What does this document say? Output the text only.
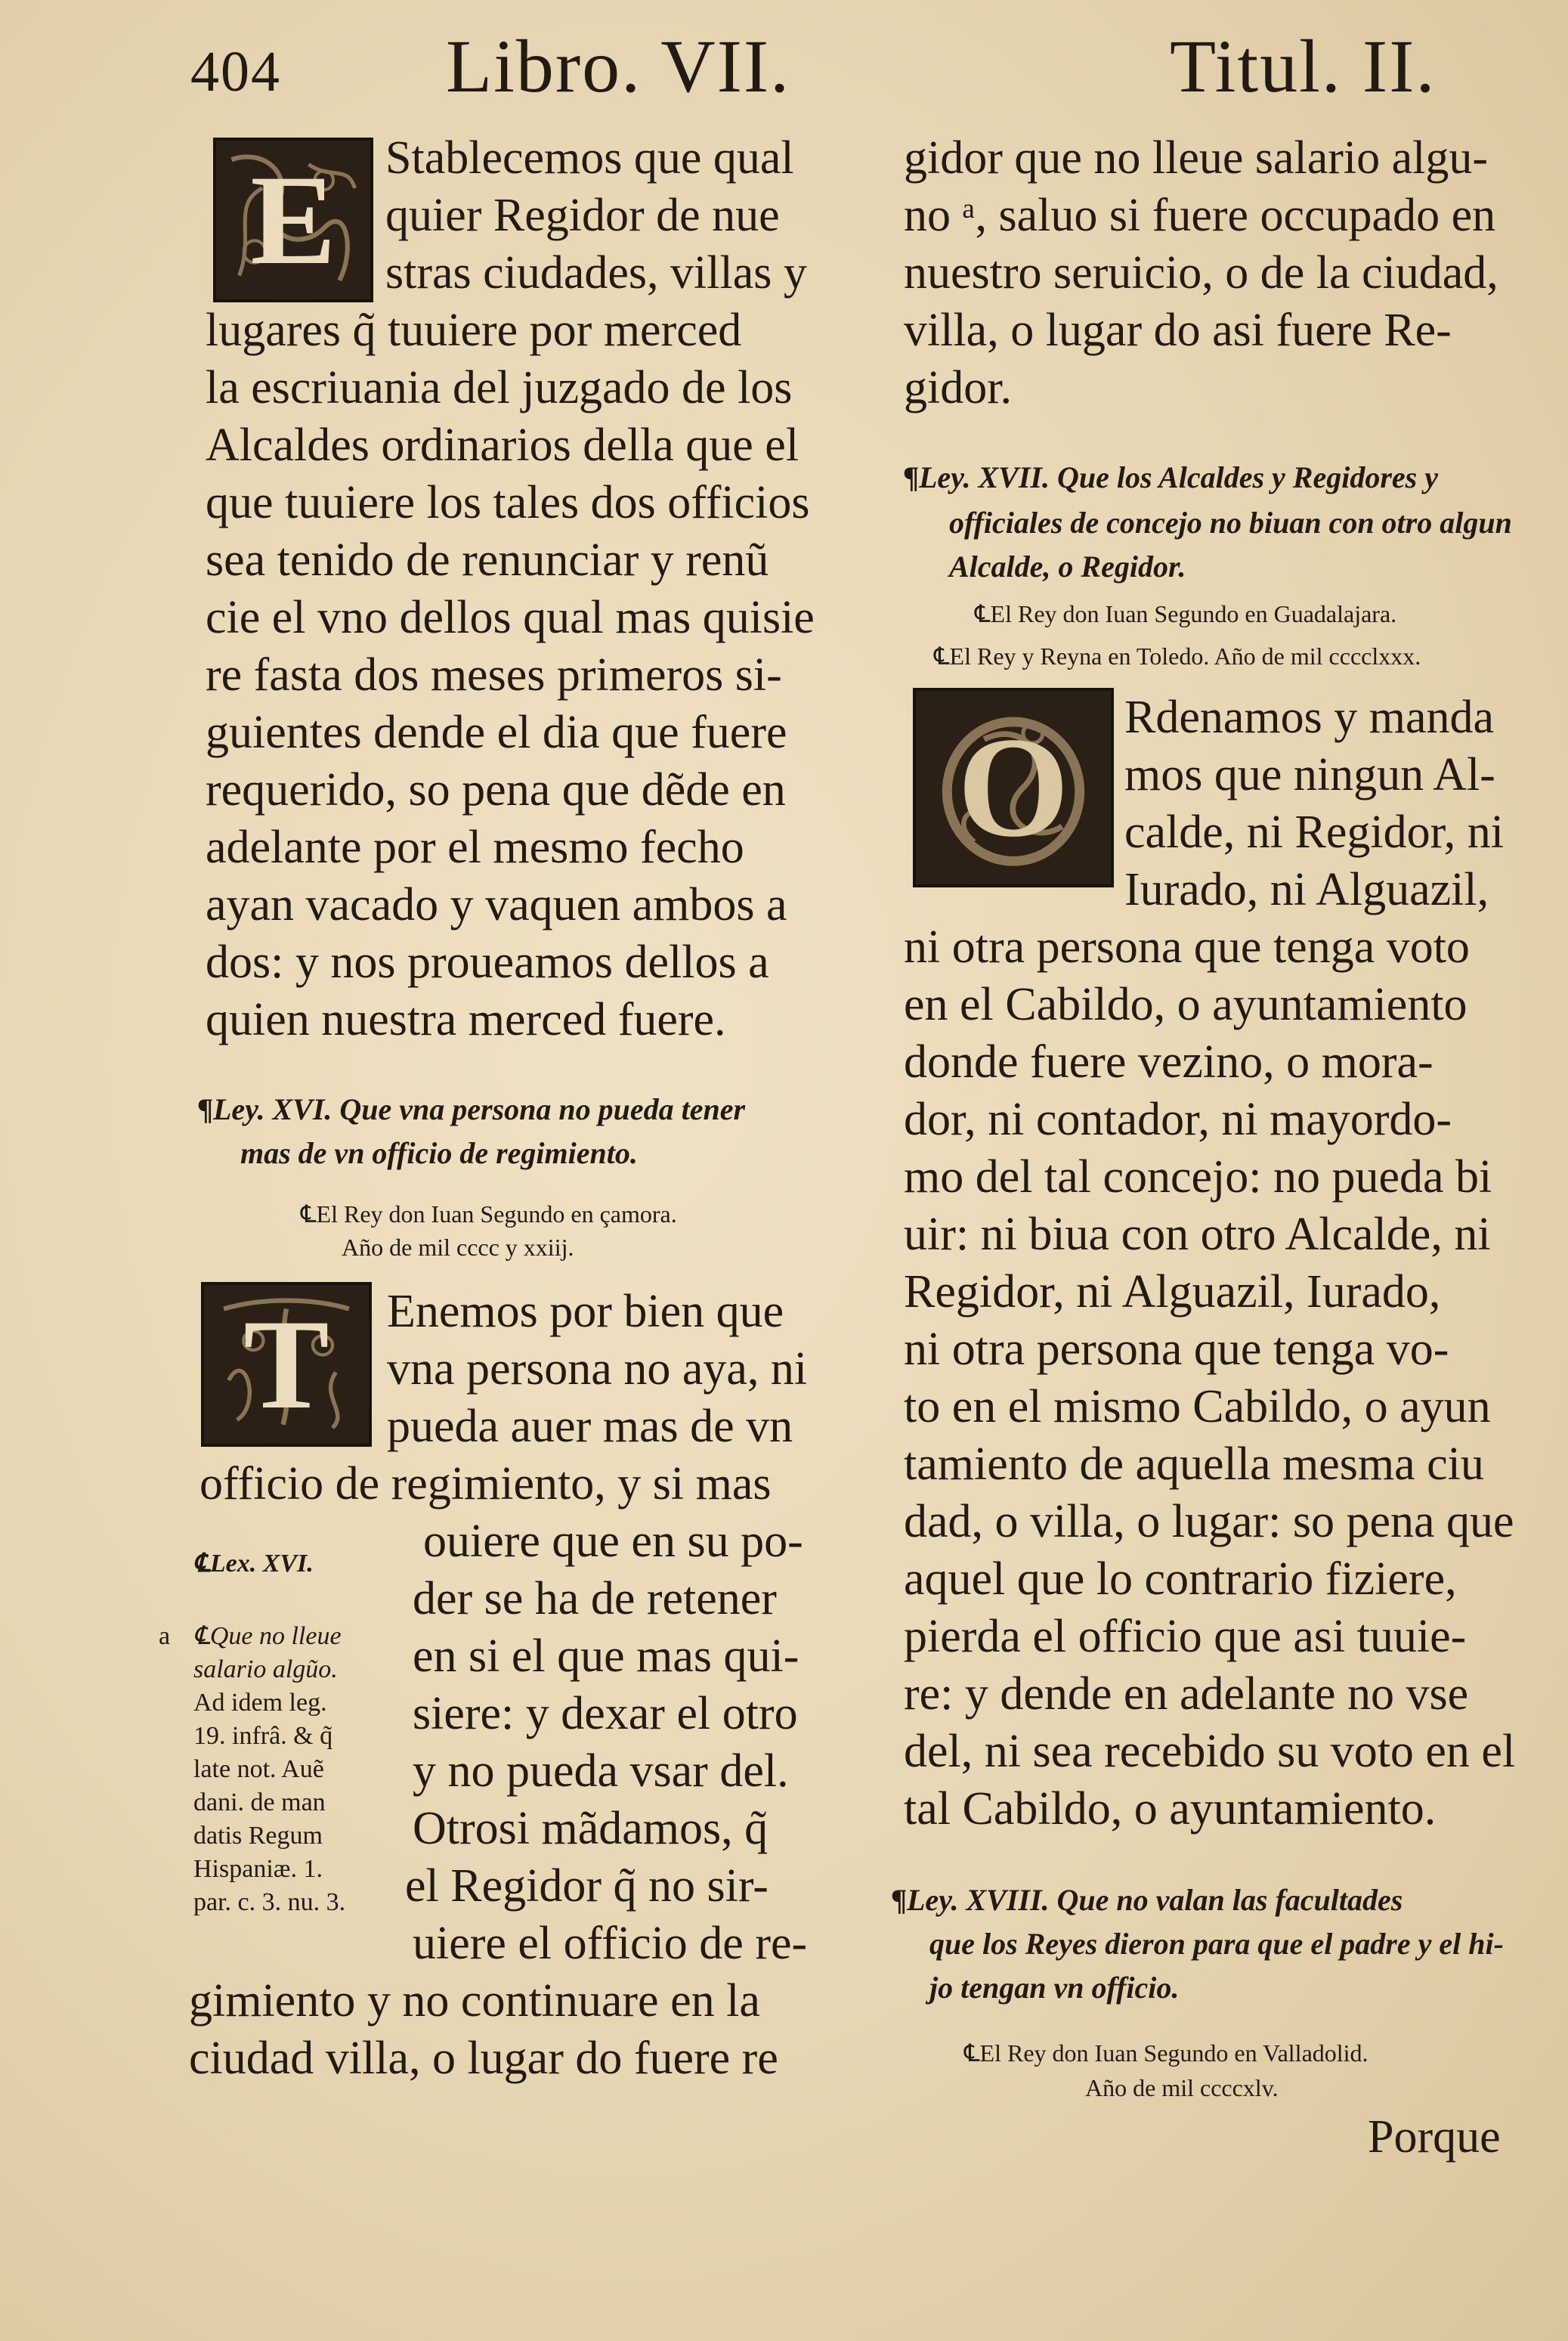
404 Libro. VII.	Titul. II.
E	Stablecemos que qual
quier Regidor de nue
stras ciudades, villas y
lugares q̃ tuuiere por merced
la escriuania del juzgado de los
Alcaldes ordinarios della que el
que tuuiere los tales dos officios
sea tenido de renunciar y renũ
cie el vno dellos qual mas quisie
re fasta dos meses primeros si-
guientes dende el dia que fuere
requerido, so pena que dẽde en
adelante por el mesmo fecho
ayan vacado y vaquen ambos a
dos: y nos proueamos dellos a
quien nuestra merced fuere.
¶Ley. XVI. Que vna persona no pueda tener
mas de vn officio de regimiento.
℄El Rey don Iuan Segundo en çamora.
Año de mil cccc y xxiij.
T	Enemos por bien que
vna persona no aya, ni
pueda auer mas de vn
officio de regimiento, y si mas
ouiere que en su po-
der se ha de retener
en si el que mas qui-
siere: y dexar el otro
y no pueda vsar del.
Otrosi mãdamos, q̃
el Regidor q̃ no sir-
uiere el officio de re-
gimiento y no continuare en la
ciudad villa, o lugar do fuere re
℄Lex. XVI.
a ℄Que no lleue
salario algũo.
Ad idem leg.
19. infrâ. & q̃
late not. Auẽ
dani. de man
datis Regum
Hispaniæ. 1.
par. c. 3. nu. 3.
gidor que no lleue salario algu-
no ᵃ, saluo si fuere occupado en
nuestro seruicio, o de la ciudad,
villa, o lugar do asi fuere Re-
gidor.
¶Ley. XVII. Que los Alcaldes y Regidores y
officiales de concejo no biuan con otro algun
Alcalde, o Regidor.
℄El Rey don Iuan Segundo en Guadalajara.
℄El Rey y Reyna en Toledo. Año de mil cccclxxx.
O	Rdenamos y manda
mos que ningun Al-
calde, ni Regidor, ni
Iurado, ni Alguazil,
ni otra persona que tenga voto
en el Cabildo, o ayuntamiento
donde fuere vezino, o mora-
dor, ni contador, ni mayordo-
mo del tal concejo: no pueda bi
uir: ni biua con otro Alcalde, ni
Regidor, ni Alguazil, Iurado,
ni otra persona que tenga vo-
to en el mismo Cabildo, o ayun
tamiento de aquella mesma ciu
dad, o villa, o lugar: so pena que
aquel que lo contrario fiziere,
pierda el officio que asi tuuie-
re: y dende en adelante no vse
del, ni sea recebido su voto en el
tal Cabildo, o ayuntamiento.
¶Ley. XVIII. Que no valan las facultades
que los Reyes dieron para que el padre y el hi-
jo tengan vn officio.
℄El Rey don Iuan Segundo en Valladolid.
Año de mil ccccxlv.
Porque
